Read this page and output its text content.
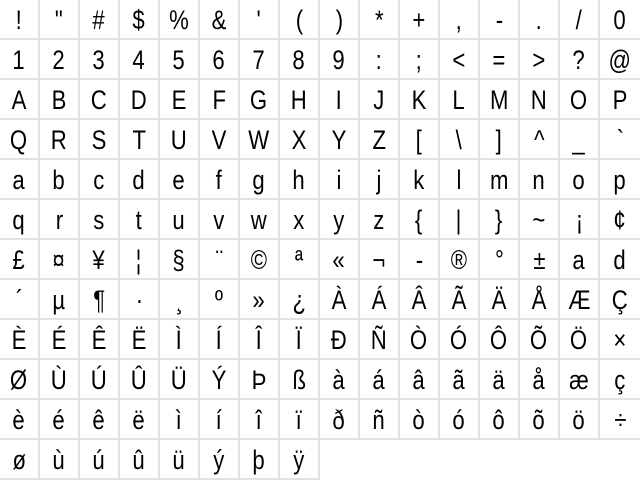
!	"	#	$ % &	'	(	)	*	+	,	-	.	/	0
1	2	3	4	5	6	7	8	9	:	;	<	=	>	? @
A B C D E F G H	I	J	K L M N O P
Q R S T U V W X Y Z	[	\	]	^	_	`
a	b	c	d	e	f	g	h	i	j	k	l	m n	o	p
q	r	s	t	u	v w x	y	z	{	|	}	~	¡	¢
£	¤	¥	¦	§	¨	©	ª	«	¬	-	®	°	±	a	d
´	µ	¶	·	¸	º	»	¿ À Á Â Ã Ä Å Æ Ç
È É Ê Ë	Ì	Í	Î	Ï	Ð Ñ Ò Ó Ô Õ Ö ×
Ø Ù Ú Û Ü Ý Þ ß	à	á	â	ã	ä	å æ ç
è	é	ê	ë	ì	í	î	ï	ð	ñ	ò	ó	ô	õ	ö	÷
ø	ù	ú	û	ü	ý	þ	ÿ
